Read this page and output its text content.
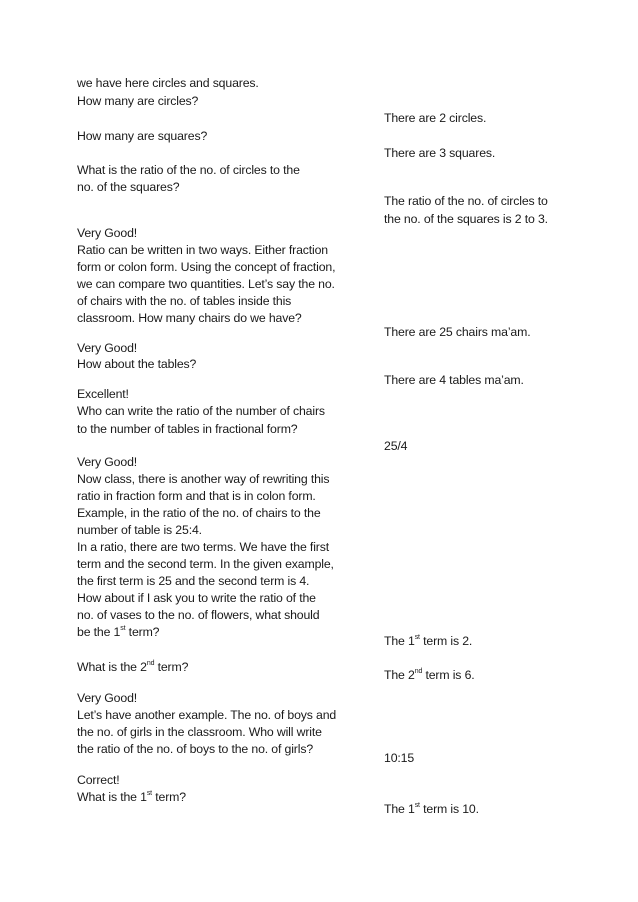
we have here circles and squares.
How many are circles?
How many are squares?
What is the ratio of the no. of circles to the
no. of the squares?
Very Good!
Ratio can be written in two ways. Either fraction
form or colon form. Using the concept of fraction,
we can compare two quantities. Let’s say the no.
of chairs with the no. of tables inside this
classroom. How many chairs do we have?
Very Good!
How about the tables?
Excellent!
Who can write the ratio of the number of chairs
to the number of tables in fractional form?
Very Good!
Now class, there is another way of rewriting this
ratio in fraction form and that is in colon form.
Example, in the ratio of the no. of chairs to the
number of table is 25:4.
In a ratio, there are two terms. We have the first
term and the second term. In the given example,
the first term is 25 and the second term is 4.
How about if I ask you to write the ratio of the
no. of vases to the no. of flowers, what should
be the 1st term?
What is the 2nd term?
Very Good!
Let’s have another example. The no. of boys and
the no. of girls in the classroom. Who will write
the ratio of the no. of boys to the no. of girls?
Correct!
What is the 1st term?
There are 2 circles.
There are 3 squares.
The ratio of the no. of circles to
the no. of the squares is 2 to 3.
There are 25 chairs ma’am.
There are 4 tables ma’am.
25/4
The 1st term is 2.
The 2nd term is 6.
10:15
The 1st term is 10.
